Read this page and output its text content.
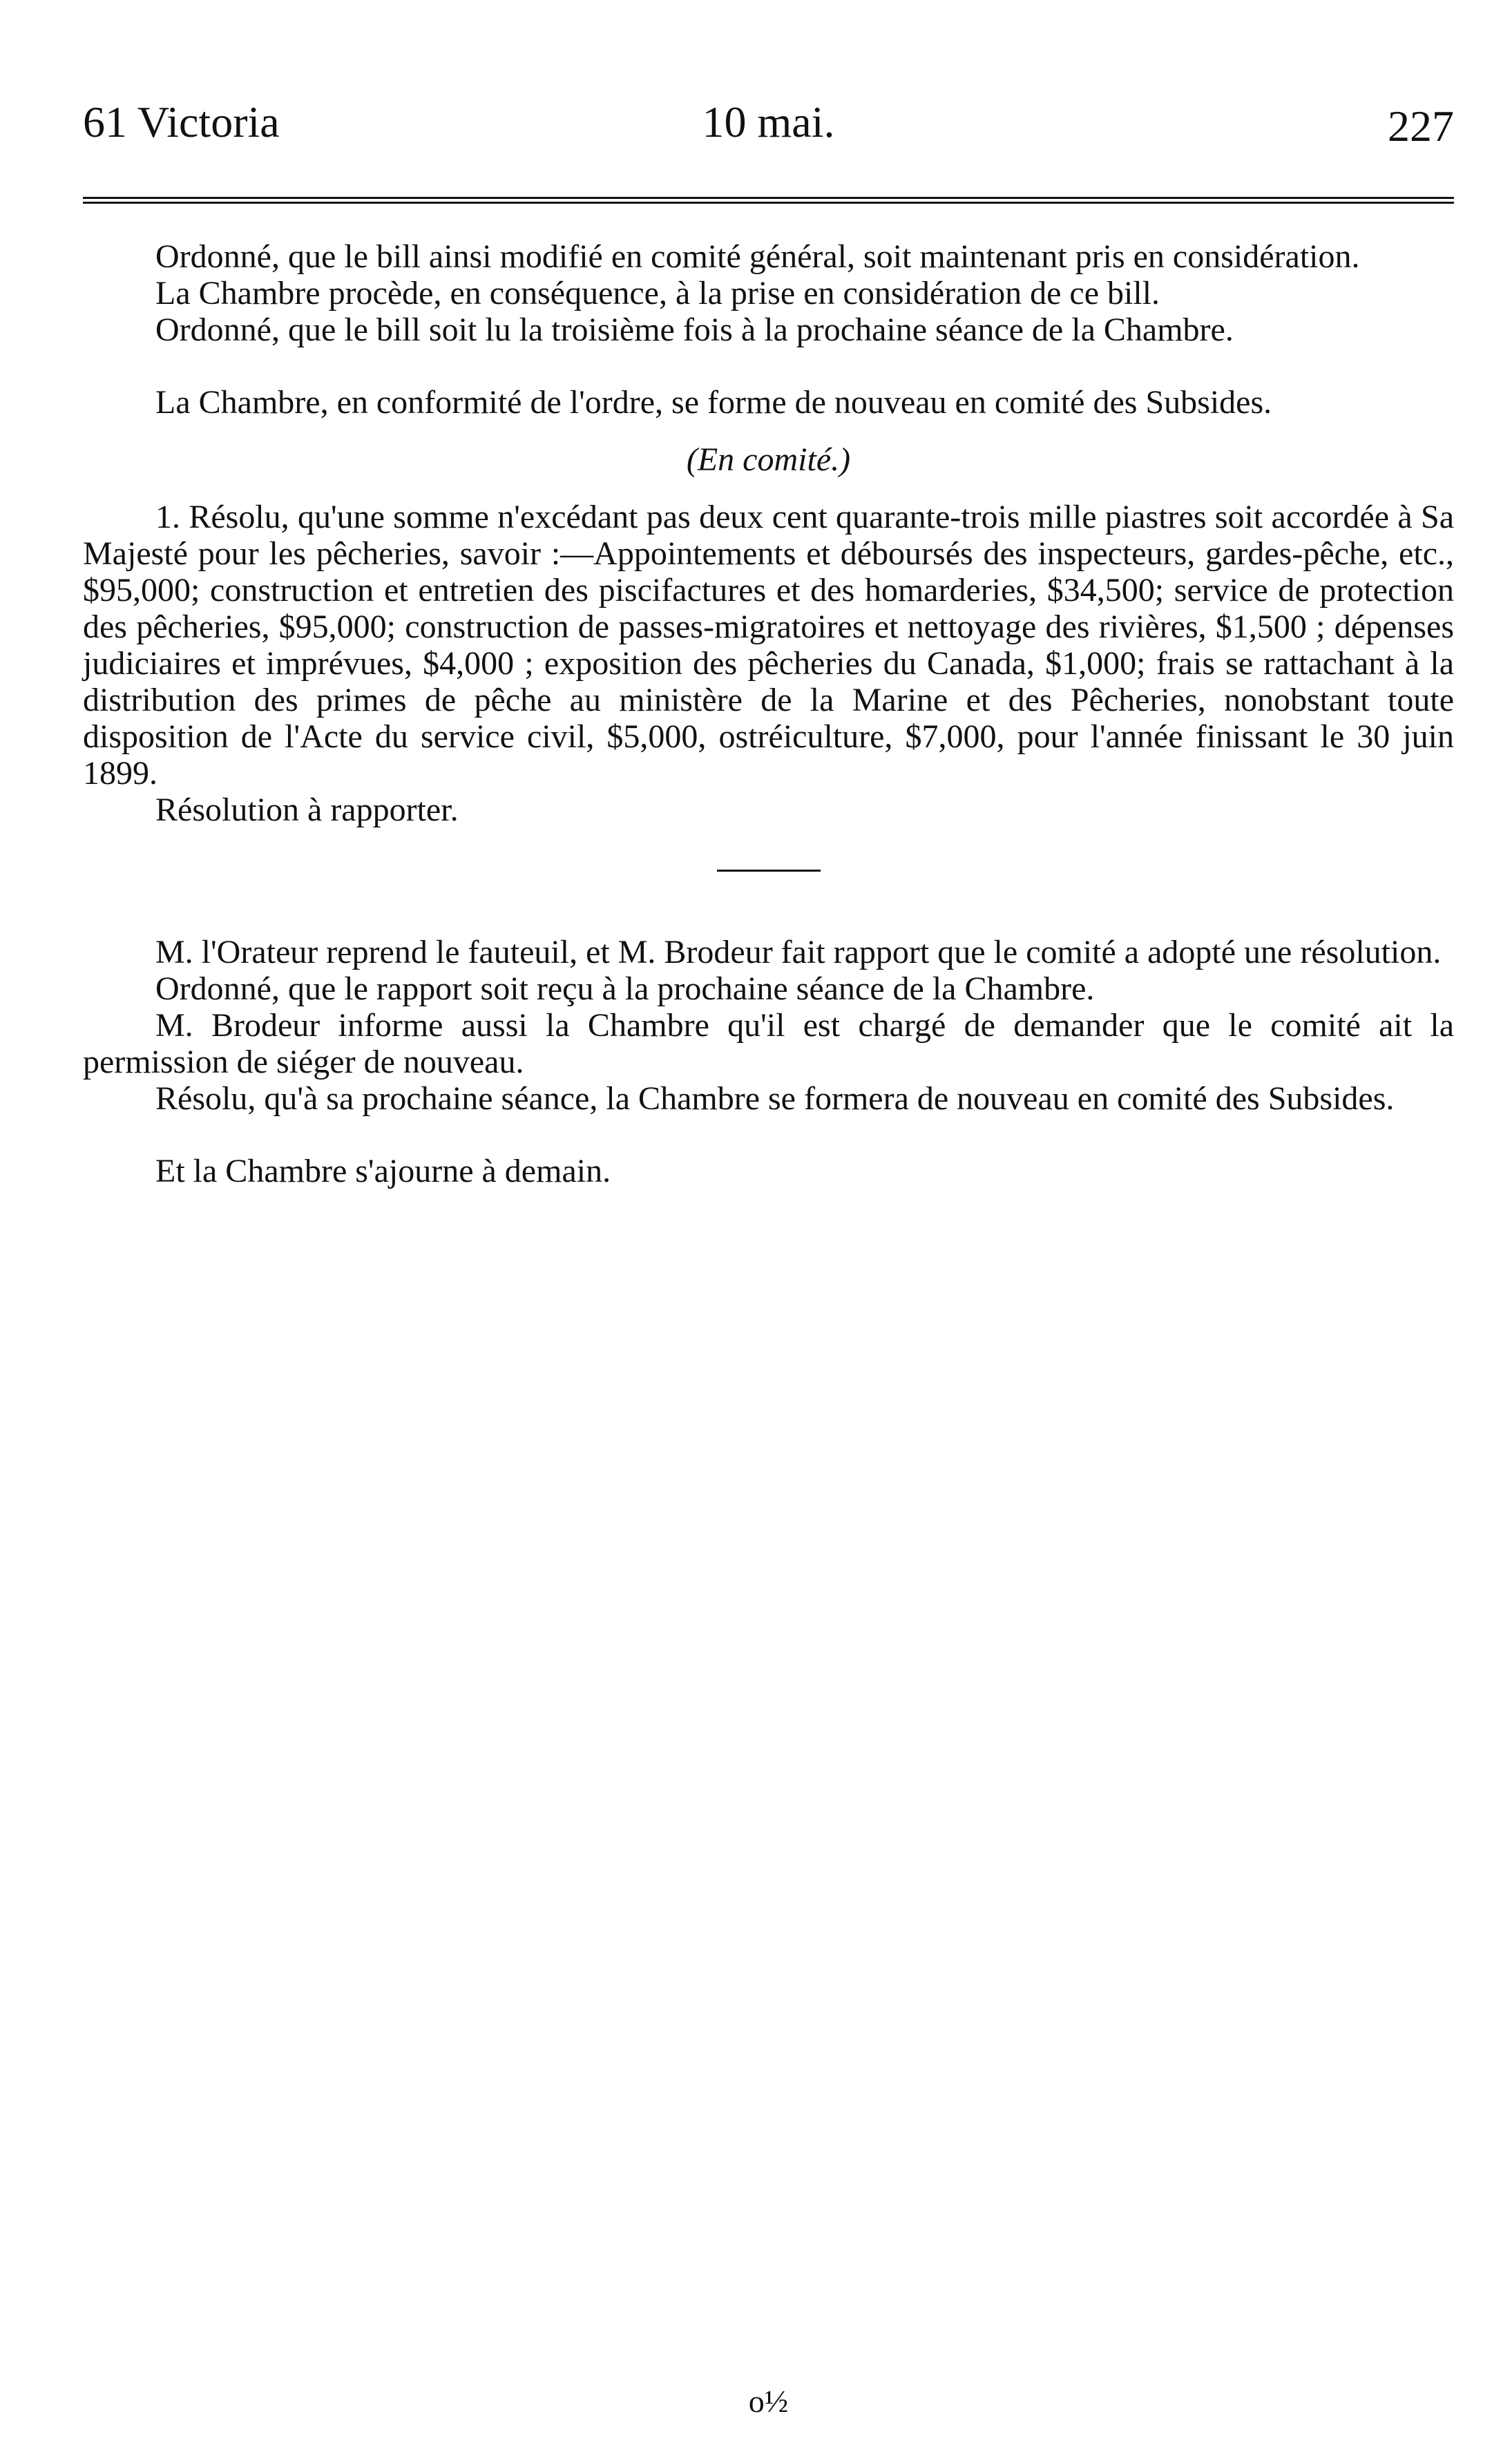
61 Victoria	10 mai.	227

Ordonné, que le bill ainsi modifié en comité général, soit maintenant pris en considération.

La Chambre procède, en conséquence, à la prise en considération de ce bill.

Ordonné, que le bill soit lu la troisième fois à la prochaine séance de la Chambre.

La Chambre, en conformité de l'ordre, se forme de nouveau en comité des Subsides.

(En comité.)

1. Résolu, qu'une somme n'excédant pas deux cent quarante-trois mille piastres soit accordée à Sa Majesté pour les pêcheries, savoir :—Appointements et déboursés des inspecteurs, gardes-pêche, etc., $95,000; construction et entretien des piscifactures et des homarderies, $34,500; service de protection des pêcheries, $95,000; construction de passes-migratoires et nettoyage des rivières, $1,500 ; dépenses judiciaires et imprévues, $4,000 ; exposition des pêcheries du Canada, $1,000; frais se rattachant à la distribution des primes de pêche au ministère de la Marine et des Pêcheries, nonobstant toute disposition de l'Acte du service civil, $5,000, ostréiculture, $7,000, pour l'année finissant le 30 juin 1899.

Résolution à rapporter.

M. l'Orateur reprend le fauteuil, et M. Brodeur fait rapport que le comité a adopté une résolution.

Ordonné, que le rapport soit reçu à la prochaine séance de la Chambre.

M. Brodeur informe aussi la Chambre qu'il est chargé de demander que le comité ait la permission de siéger de nouveau.

Résolu, qu'à sa prochaine séance, la Chambre se formera de nouveau en comité des Subsides.

Et la Chambre s'ajourne à demain.

o½
